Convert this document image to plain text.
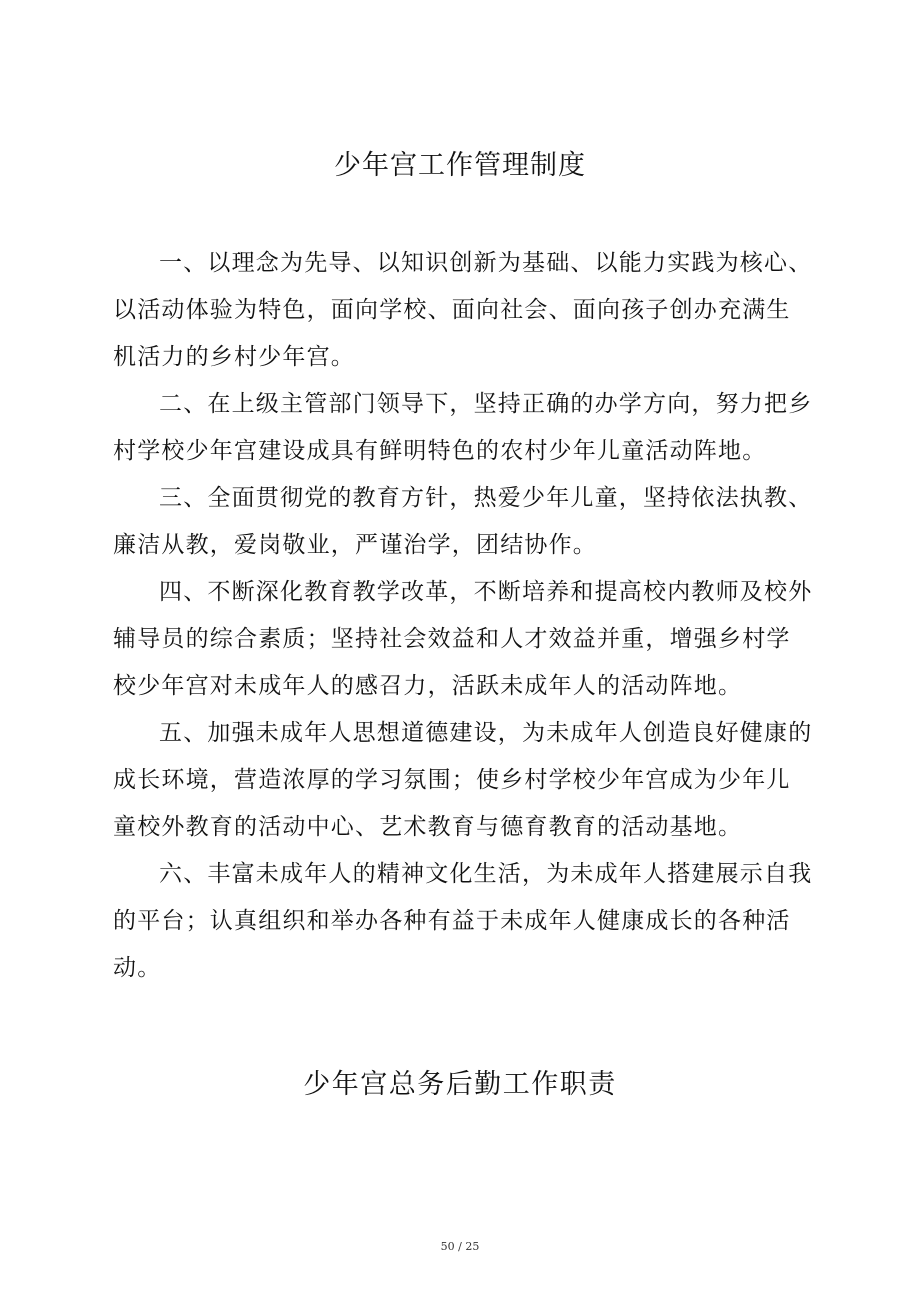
少年宫工作管理制度

一、以理念为先导、以知识创新为基础、以能力实践为核心、以活动体验为特色，面向学校、面向社会、面向孩子创办充满生机活力的乡村少年宫。

二、在上级主管部门领导下，坚持正确的办学方向，努力把乡村学校少年宫建设成具有鲜明特色的农村少年儿童活动阵地。

三、全面贯彻党的教育方针，热爱少年儿童，坚持依法执教、廉洁从教，爱岗敬业，严谨治学，团结协作。

四、不断深化教育教学改革，不断培养和提高校内教师及校外辅导员的综合素质；坚持社会效益和人才效益并重，增强乡村学校少年宫对未成年人的感召力，活跃未成年人的活动阵地。

五、加强未成年人思想道德建设，为未成年人创造良好健康的成长环境，营造浓厚的学习氛围；使乡村学校少年宫成为少年儿童校外教育的活动中心、艺术教育与德育教育的活动基地。

六、丰富未成年人的精神文化生活，为未成年人搭建展示自我的平台；认真组织和举办各种有益于未成年人健康成长的各种活动。

少年宫总务后勤工作职责
50 / 25
